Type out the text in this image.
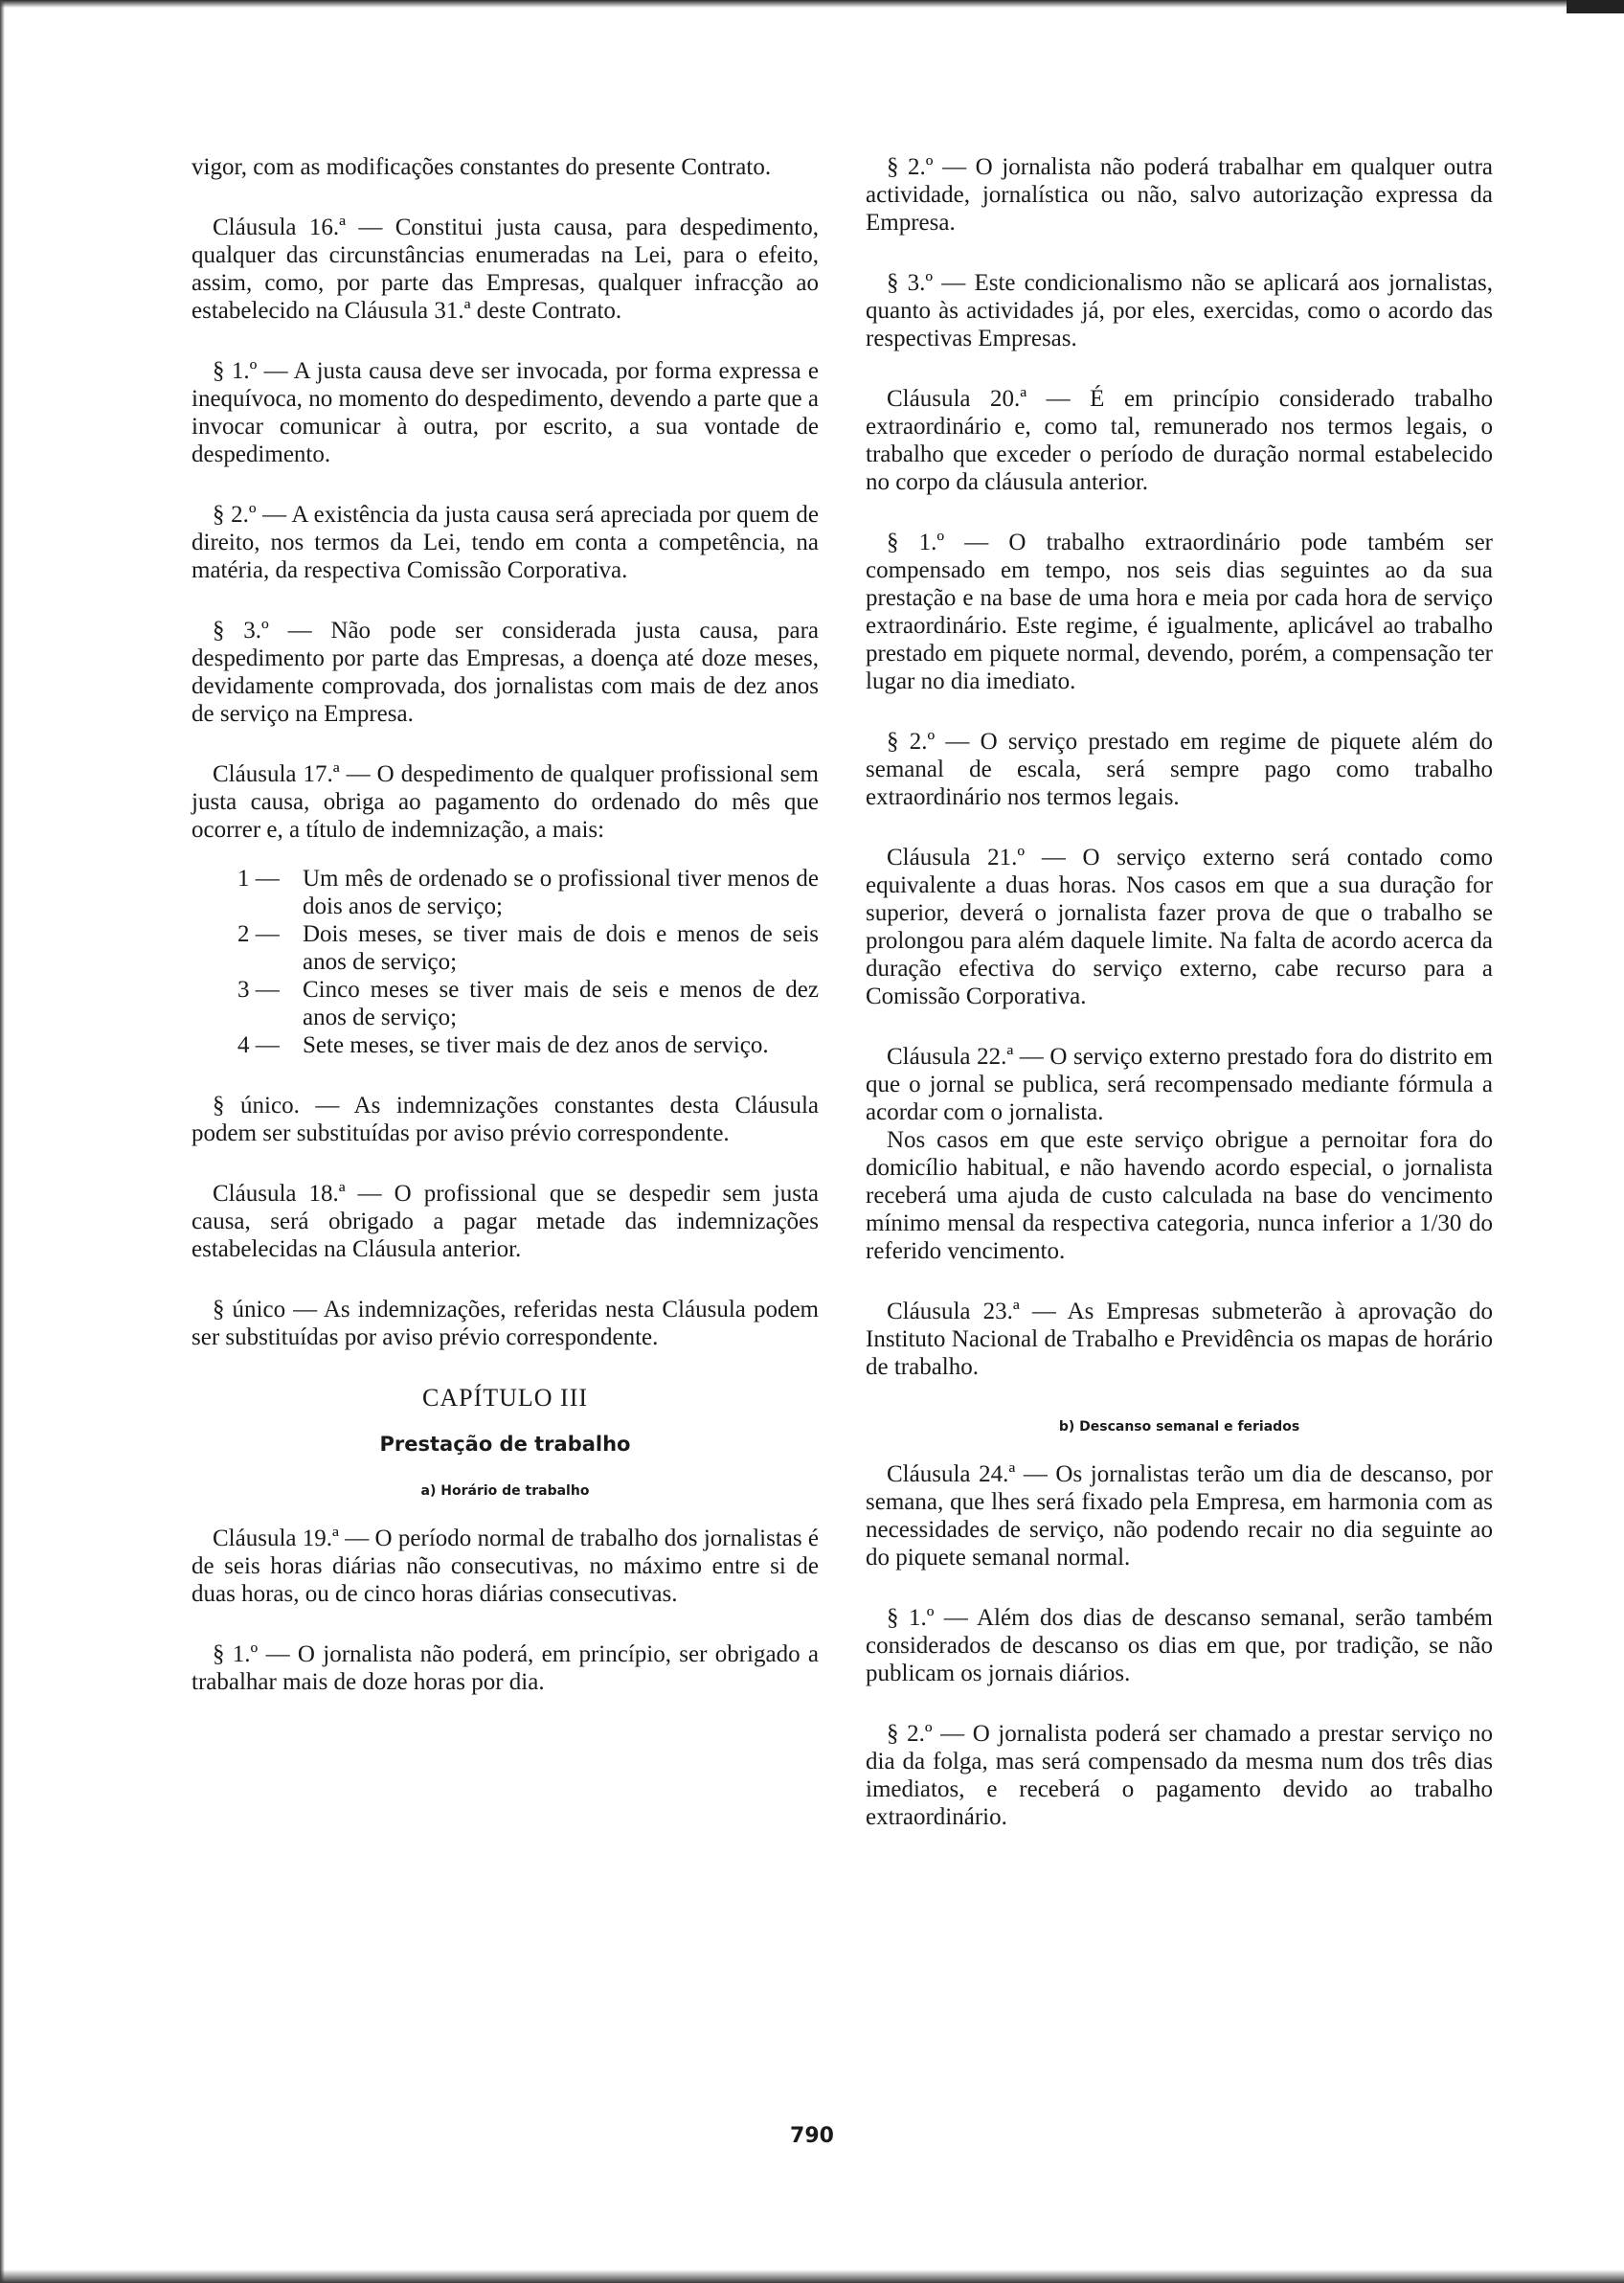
vigor, com as modificações constantes do presente Contrato.

Cláusula 16.ª — Constitui justa causa, para despedimento, qualquer das circunstâncias enumeradas na Lei, para o efeito, assim, como, por parte das Empresas, qualquer infracção ao estabelecido na Cláusula 31.ª deste Contrato.

§ 1.º — A justa causa deve ser invocada, por forma expressa e inequívoca, no momento do despedimento, devendo a parte que a invocar comunicar à outra, por escrito, a sua vontade de despedimento.

§ 2.º — A existência da justa causa será apreciada por quem de direito, nos termos da Lei, tendo em conta a competência, na matéria, da respectiva Comissão Corporativa.

§ 3.º — Não pode ser considerada justa causa, para despedimento por parte das Empresas, a doença até doze meses, devidamente comprovada, dos jornalistas com mais de dez anos de serviço na Empresa.

Cláusula 17.ª — O despedimento de qualquer profissional sem justa causa, obriga ao pagamento do ordenado do mês que ocorrer e, a título de indemnização, a mais:

1 — Um mês de ordenado se o profissional tiver menos de dois anos de serviço;
2 — Dois meses, se tiver mais de dois e menos de seis anos de serviço;
3 — Cinco meses se tiver mais de seis e menos de dez anos de serviço;
4 — Sete meses, se tiver mais de dez anos de serviço.

§ único. — As indemnizações constantes desta Cláusula podem ser substituídas por aviso prévio correspondente.

Cláusula 18.ª — O profissional que se despedir sem justa causa, será obrigado a pagar metade das indemnizações estabelecidas na Cláusula anterior.

§ único — As indemnizações, referidas nesta Cláusula podem ser substituídas por aviso prévio correspondente.

CAPÍTULO III
Prestação de trabalho
a) Horário de trabalho

Cláusula 19.ª — O período normal de trabalho dos jornalistas é de seis horas diárias não consecutivas, no máximo entre si de duas horas, ou de cinco horas diárias consecutivas.

§ 1.º — O jornalista não poderá, em princípio, ser obrigado a trabalhar mais de doze horas por dia.

§ 2.º — O jornalista não poderá trabalhar em qualquer outra actividade, jornalística ou não, salvo autorização expressa da Empresa.

§ 3.º — Este condicionalismo não se aplicará aos jornalistas, quanto às actividades já, por eles, exercidas, como o acordo das respectivas Empresas.

Cláusula 20.ª — É em princípio considerado trabalho extraordinário e, como tal, remunerado nos termos legais, o trabalho que exceder o período de duração normal estabelecido no corpo da cláusula anterior.

§ 1.º — O trabalho extraordinário pode também ser compensado em tempo, nos seis dias seguintes ao da sua prestação e na base de uma hora e meia por cada hora de serviço extraordinário. Este regime, é igualmente, aplicável ao trabalho prestado em piquete normal, devendo, porém, a compensação ter lugar no dia imediato.

§ 2.º — O serviço prestado em regime de piquete além do semanal de escala, será sempre pago como trabalho extraordinário nos termos legais.

Cláusula 21.º — O serviço externo será contado como equivalente a duas horas. Nos casos em que a sua duração for superior, deverá o jornalista fazer prova de que o trabalho se prolongou para além daquele limite. Na falta de acordo acerca da duração efectiva do serviço externo, cabe recurso para a Comissão Corporativa.

Cláusula 22.ª — O serviço externo prestado fora do distrito em que o jornal se publica, será recompensado mediante fórmula a acordar com o jornalista.

Nos casos em que este serviço obrigue a pernoitar fora do domicílio habitual, e não havendo acordo especial, o jornalista receberá uma ajuda de custo calculada na base do vencimento mínimo mensal da respectiva categoria, nunca inferior a 1/30 do referido vencimento.

Cláusula 23.ª — As Empresas submeterão à aprovação do Instituto Nacional de Trabalho e Previdência os mapas de horário de trabalho.

b) Descanso semanal e feriados

Cláusula 24.ª — Os jornalistas terão um dia de descanso, por semana, que lhes será fixado pela Empresa, em harmonia com as necessidades de serviço, não podendo recair no dia seguinte ao do piquete semanal normal.

§ 1.º — Além dos dias de descanso semanal, serão também considerados de descanso os dias em que, por tradição, se não publicam os jornais diários.

§ 2.º — O jornalista poderá ser chamado a prestar serviço no dia da folga, mas será compensado da mesma num dos três dias imediatos, e receberá o pagamento devido ao trabalho extraordinário.

790
